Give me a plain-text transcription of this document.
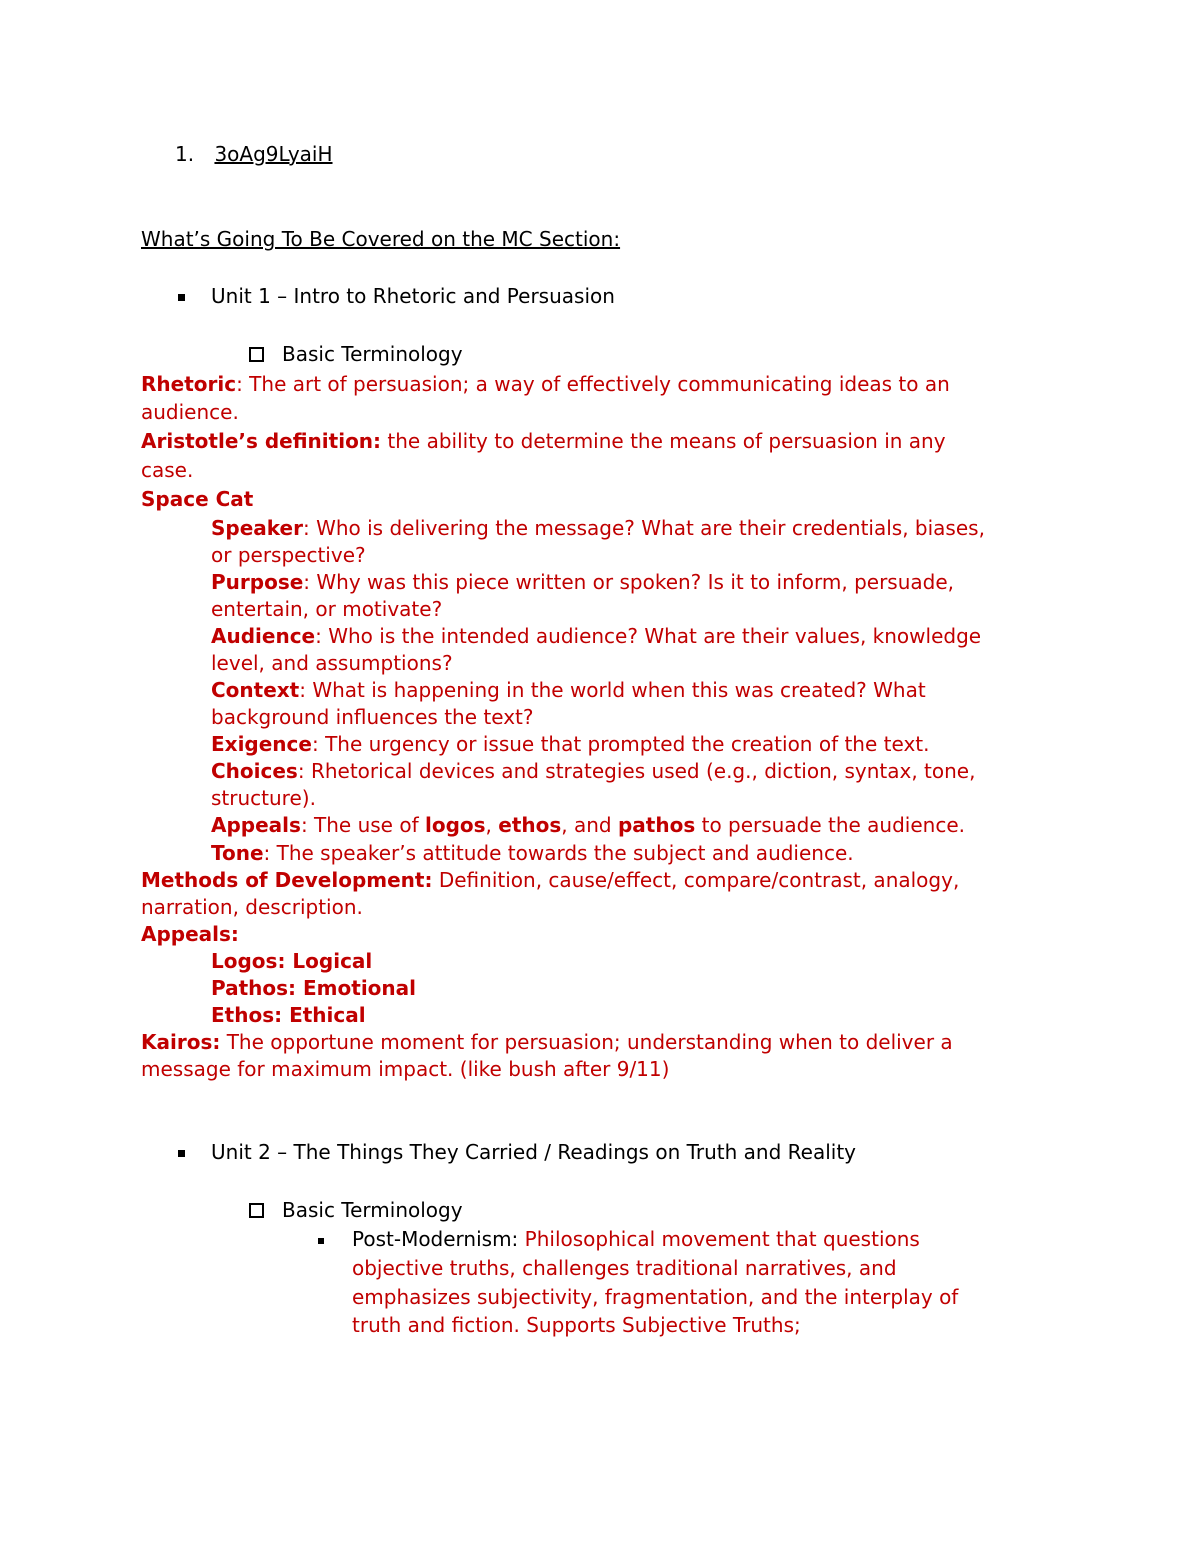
1. 3oAg9LyaiH
What’s Going To Be Covered on the MC Section:
Unit 1 – Intro to Rhetoric and Persuasion
Basic Terminology
Rhetoric: The art of persuasion; a way of effectively communicating ideas to an
audience.
Aristotle’s definition: the ability to determine the means of persuasion in any
case.
Space Cat
Speaker: Who is delivering the message? What are their credentials, biases,
or perspective?
Purpose: Why was this piece written or spoken? Is it to inform, persuade,
entertain, or motivate?
Audience: Who is the intended audience? What are their values, knowledge
level, and assumptions?
Context: What is happening in the world when this was created? What
background influences the text?
Exigence: The urgency or issue that prompted the creation of the text.
Choices: Rhetorical devices and strategies used (e.g., diction, syntax, tone,
structure).
Appeals: The use of logos, ethos, and pathos to persuade the audience.
Tone: The speaker’s attitude towards the subject and audience.
Methods of Development: Definition, cause/effect, compare/contrast, analogy,
narration, description.
Appeals:
Logos: Logical
Pathos: Emotional
Ethos: Ethical
Kairos: The opportune moment for persuasion; understanding when to deliver a
message for maximum impact. (like bush after 9/11)
Unit 2 – The Things They Carried / Readings on Truth and Reality
Basic Terminology
Post-Modernism: Philosophical movement that questions
objective truths, challenges traditional narratives, and
emphasizes subjectivity, fragmentation, and the interplay of
truth and fiction. Supports Subjective Truths;
